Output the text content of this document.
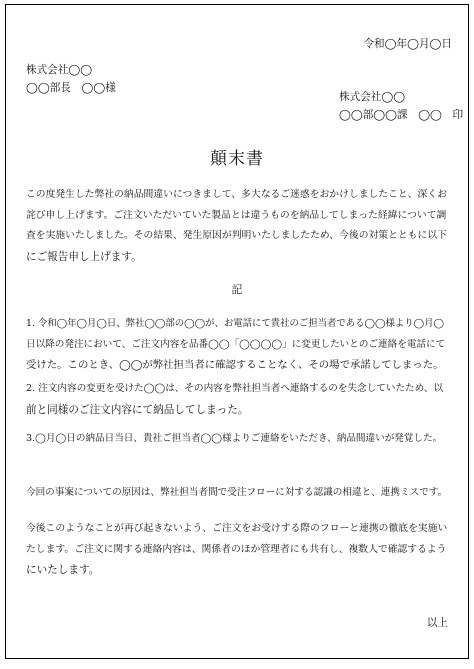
令和◯年◯月◯日
株式会社◯◯
◯◯部長　◯◯様
株式会社◯◯
◯◯部◯◯課　◯◯　印
顛末書
この度発生した弊社の納品間違いにつきまして、多大なるご迷惑をおかけしましたこと、深くお
詫び申し上げます。ご注文いただいていた製品とは違うものを納品してしまった経緯について調
査を実施いたしました。その結果、発生原因が判明いたしましたため、今後の対策とともに以下
にご報告申し上げます。
記
1. 令和◯年◯月◯日、弊社◯◯部の◯◯が、お電話にて貴社のご担当者である◯◯様より◯月◯
日以降の発注において、ご注文内容を品番◯◯「◯◯◯◯」に変更したいとのご連絡を電話にて
受けた。このとき、◯◯が弊社担当者に確認することなく、その場で承諾してしまった。
2. 注文内容の変更を受けた◯◯は、その内容を弊社担当者へ連絡するのを失念していたため、以
前と同様のご注文内容にて納品してしまった。
3.◯月◯日の納品日当日、貴社ご担当者◯◯様よりご連絡をいただき、納品間違いが発覚した。
今回の事案についての原因は、弊社担当者間で受注フローに対する認識の相違と、連携ミスです。
今後このようなことが再び起きないよう、ご注文をお受けする際のフローと連携の徹底を実施い
たします。ご注文に関する連絡内容は、関係者のほか管理者にも共有し、複数人で確認するよう
にいたします。
以上
